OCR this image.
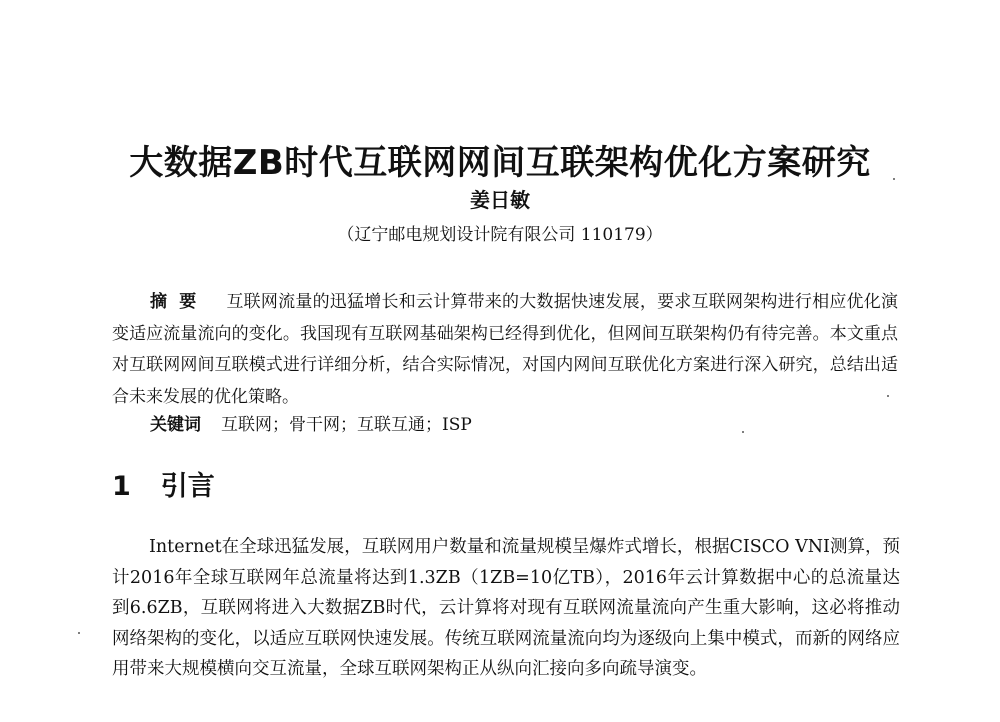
大数据ZB时代互联网网间互联架构优化方案研究
姜日敏
（辽宁邮电规划设计院有限公司 110179）

摘要 互联网流量的迅猛增长和云计算带来的大数据快速发展，要求互联网架构进行相应优化演变适应流量流向的变化。我国现有互联网基础架构已经得到优化，但网间互联架构仍有待完善。本文重点对互联网网间互联模式进行详细分析，结合实际情况，对国内网间互联优化方案进行深入研究，总结出适合未来发展的优化策略。

关键词 互联网；骨干网；互联互通；ISP
1 引言

Internet在全球迅猛发展，互联网用户数量和流量规模呈爆炸式增长，根据CISCO VNI测算，预计2016年全球互联网年总流量将达到1.3ZB（1ZB=10亿TB），2016年云计算数据中心的总流量达到6.6ZB，互联网将进入大数据ZB时代，云计算将对现有互联网流量流向产生重大影响，这必将推动网络架构的变化，以适应互联网快速发展。传统互联网流量流向均为逐级向上集中模式，而新的网络应用带来大规模横向交互流量，全球互联网架构正从纵向汇接向多向疏导演变。
